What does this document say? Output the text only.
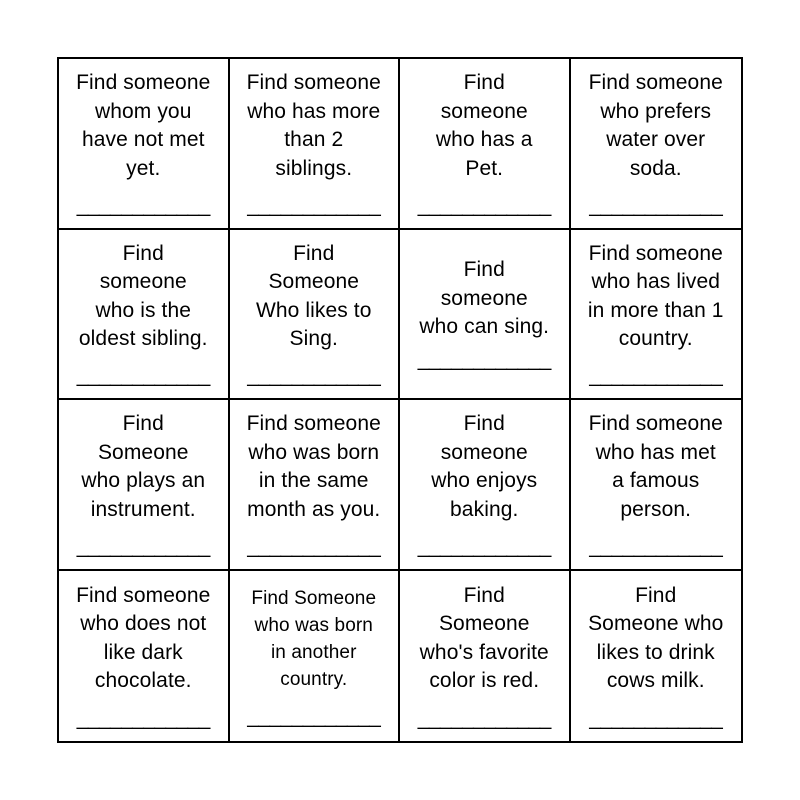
Find someone
whom you
have not met
yet.
____________
Find someone
who has more
than 2
siblings.
____________
Find
someone
who has a
Pet.
____________
Find someone
who prefers
water over
soda.
____________
Find
someone
who is the
oldest sibling.
____________
Find
Someone
Who likes to
Sing.
____________
Find
someone
who can sing.
____________
Find someone
who has lived
in more than 1
country.
____________
Find
Someone
who plays an
instrument.
____________
Find someone
who was born
in the same
month as you.
____________
Find
someone
who enjoys
baking.
____________
Find someone
who has met
a famous
person.
____________
Find someone
who does not
like dark
chocolate.
____________
Find Someone
who was born
in another
country.
____________
Find
Someone
who's favorite
color is red.
____________
Find
Someone who
likes to drink
cows milk.
____________
